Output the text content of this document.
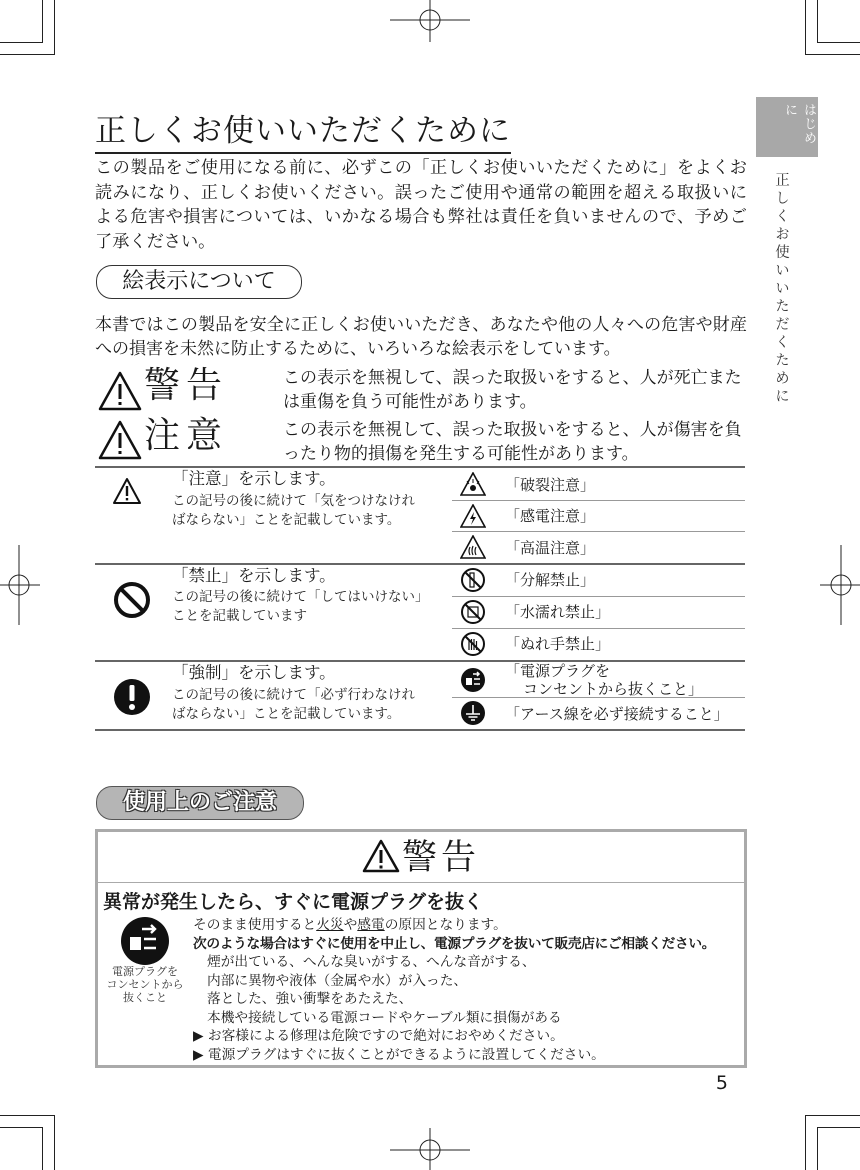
はじめに
正しくお使いいただくために
正しくお使いいただくために
この製品をご使用になる前に、必ずこの「正しくお使いいただくために」をよくお読みになり、正しくお使いください。誤ったご使用や通常の範囲を超える取扱いによる危害や損害については、いかなる場合も弊社は責任を負いませんので、予めご了承ください。
絵表示について
本書ではこの製品を安全に正しくお使いいただき、あなたや他の人々への危害や財産への損害を未然に防止するために、いろいろな絵表示をしています。
警告	この表示を無視して、誤った取扱いをすると、人が死亡または重傷を負う可能性があります。
注意	この表示を無視して、誤った取扱いをすると、人が傷害を負ったり物的損傷を発生する可能性があります。
「注意」を示します。
この記号の後に続けて「気をつけなけれ
ばならない」ことを記載しています。
「破裂注意」
「感電注意」
「高温注意」
「禁止」を示します。
この記号の後に続けて「してはいけない」
ことを記載しています
「分解禁止」
「水濡れ禁止」
「ぬれ手禁止」
「強制」を示します。
この記号の後に続けて「必ず行わなけれ
ばならない」ことを記載しています。
「電源プラグを
コンセントから抜くこと」
「アース線を必ず接続すること」
使用上のご注意
警告
異常が発生したら、すぐに電源プラグを抜く
電源プラグを
コンセントから
抜くこと
そのまま使用すると火災や感電の原因となります。
次のような場合はすぐに使用を中止し、電源プラグを抜いて販売店にご相談ください。
煙が出ている、へんな臭いがする、へんな音がする、
内部に異物や液体（金属や水）が入った、
落とした、強い衝撃をあたえた、
本機や接続している電源コードやケーブル類に損傷がある
▶ お客様による修理は危険ですので絶対におやめください。
▶ 電源プラグはすぐに抜くことができるように設置してください。
5
